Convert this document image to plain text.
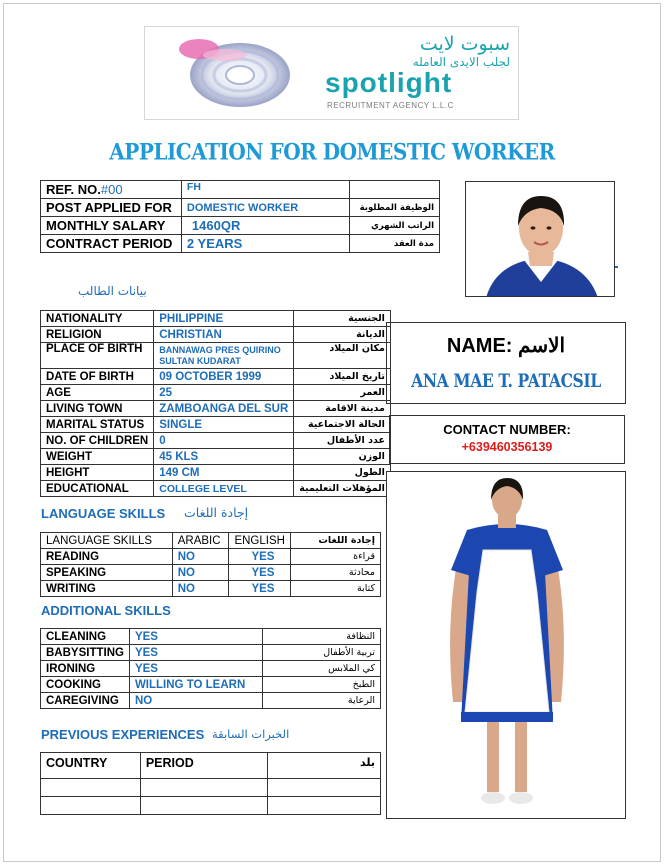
سبوت لايت
لجلب الايدى العامله
spotlight
RECRUITMENT AGENCY L.L.C
APPLICATION FOR DOMESTIC WORKER
REF. NO.#00	FH	
POST APPLIED FOR	DOMESTIC WORKER	الوظيفة المطلوبة
MONTHLY SALARY	1460QR	الراتب الشهري
CONTRACT PERIOD	2 YEARS	مدة العقد
بيانات الطالب
NATIONALITY	PHILIPPINE	الجنسية
RELIGION	CHRISTIAN	الديانة
PLACE OF BIRTH	BANNAWAG PRES QUIRINO
SULTAN KUDARAT	مكان الميلاد
DATE OF BIRTH	09 OCTOBER 1999	تاريخ الميلاد
AGE	25	العمر
LIVING TOWN	ZAMBOANGA DEL SUR	مدينة الاقامة
MARITAL STATUS	SINGLE	الحالة الاجتماعية
NO. OF CHILDREN	0	عدد الأطفال
WEIGHT	45 KLS	الوزن
HEIGHT	149 CM	الطول
EDUCATIONAL	COLLEGE LEVEL	المؤهلات التعليمية
NAME: الاسم
ANA MAE T. PATACSIL
CONTACT NUMBER:
+639460356139
LANGUAGE SKILLS إجادة اللغات
LANGUAGE SKILLS	ARABIC	ENGLISH	إجادة اللغات
READING	NO	YES	قراءة
SPEAKING	NO	YES	محادثة
WRITING	NO	YES	كتابة
ADDITIONAL SKILLS
CLEANING	YES	النظافة
BABYSITTING	YES	تربية الأطفال
IRONING	YES	كي الملابس
COOKING	WILLING TO LEARN	الطبخ
CAREGIVING	NO	الرعاية
PREVIOUS EXPERIENCES الخبرات السابقة
COUNTRY	PERIOD	بلد
